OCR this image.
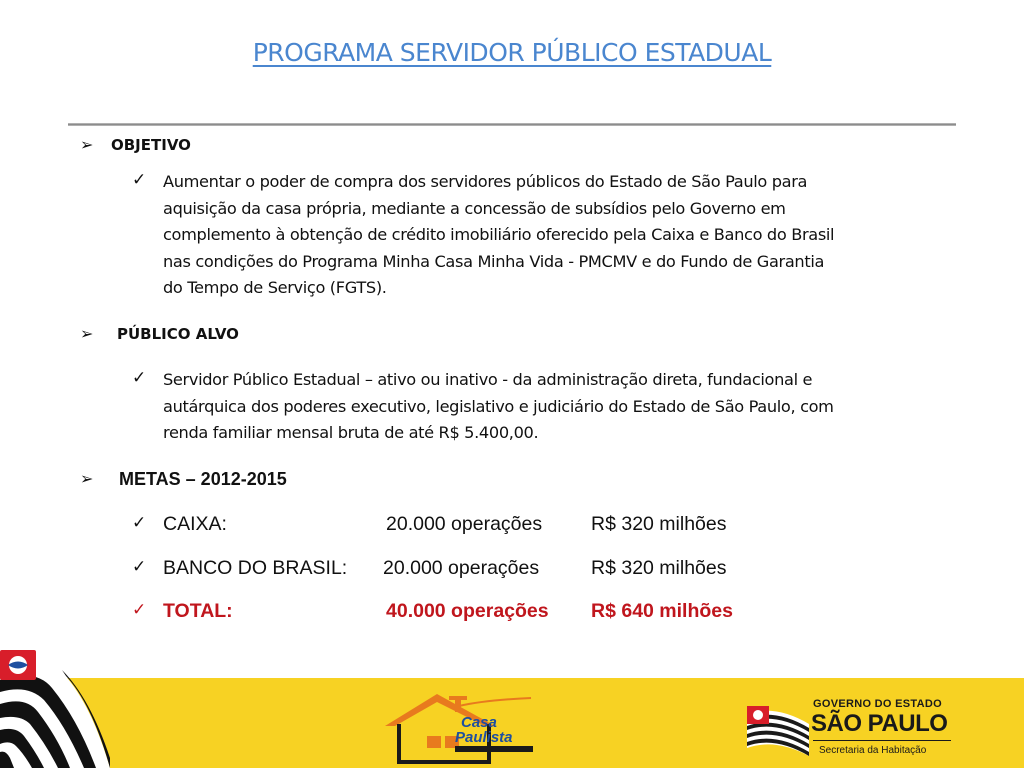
PROGRAMA SERVIDOR PÚBLICO ESTADUAL
➢ OBJETIVO
✓ Aumentar o poder de compra dos servidores públicos do Estado de São Paulo para
aquisição da casa própria, mediante a concessão de subsídios pelo Governo em
complemento à obtenção de crédito imobiliário oferecido pela Caixa e Banco do Brasil
nas condições do Programa Minha Casa Minha Vida - PMCMV e do Fundo de Garantia
do Tempo de Serviço (FGTS).
➢ PÚBLICO ALVO
✓ Servidor Público Estadual – ativo ou inativo - da administração direta, fundacional e
autárquica dos poderes executivo, legislativo e judiciário do Estado de São Paulo, com
renda familiar mensal bruta de até R$ 5.400,00.
➢ METAS – 2012-2015
✓ CAIXA:	20.000 operações	R$ 320 milhões
✓ BANCO DO BRASIL: 20.000 operações	R$ 320 milhões
✓ TOTAL:	40.000 operações R$ 640 milhões
Casa
Paulista
GOVERNO DO ESTADO
SÃO PAULO
Secretaria da Habitação
